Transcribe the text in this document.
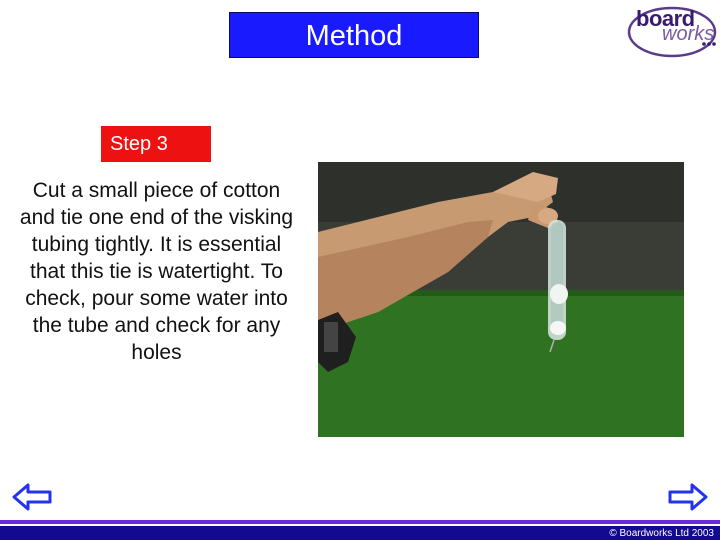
Method
board
works
Step 3
Cut a small piece of cotton and tie one end of the visking tubing tightly. It is essential that this tie is watertight. To check, pour some water into the tube and check for any holes
© Boardworks Ltd 2003
